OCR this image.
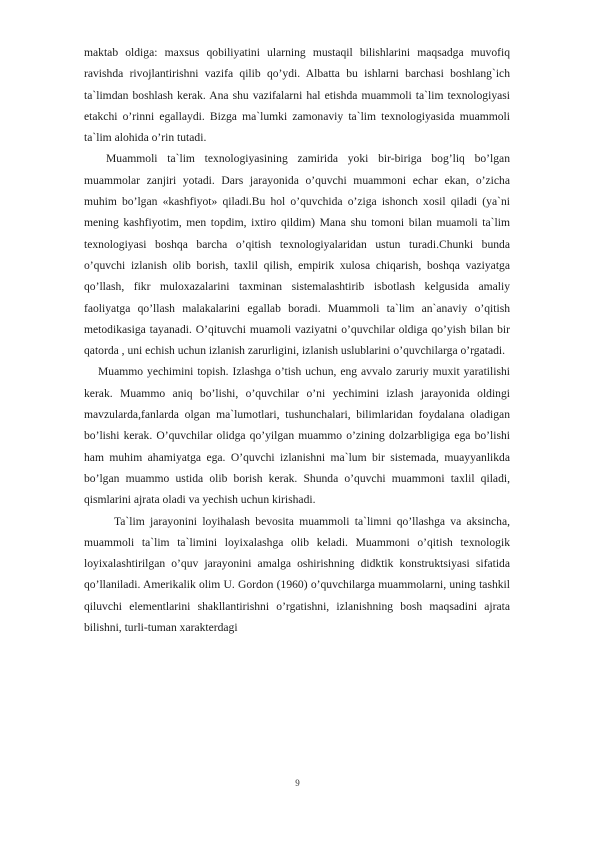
maktab oldiga: maxsus qobiliyatini ularning mustaqil bilishlarini maqsadga muvofiq ravishda rivojlantirishni vazifa qilib qo’ydi. Albatta bu ishlarni barchasi boshlang`ich ta`limdan boshlash kerak. Ana shu vazifalarni hal etishda muammoli ta`lim texnologiyasi etakchi o’rinni egallaydi. Bizga ma`lumki zamonaviy ta`lim texnologiyasida muammoli ta`lim alohida o’rin tutadi.

Muammoli ta`lim texnologiyasining zamirida yoki bir-biriga bog’liq bo’lgan muammolar zanjiri yotadi. Dars jarayonida o’quvchi muammoni echar ekan, o’zicha muhim bo’lgan «kashfiyot» qiladi.Bu hol o’quvchida o’ziga ishonch xosil qiladi (ya`ni mening kashfiyotim, men topdim, ixtiro qildim) Mana shu tomoni bilan muamoli ta`lim texnologiyasi boshqa barcha o’qitish texnologiyalaridan ustun turadi.Chunki bunda o’quvchi izlanish olib borish, taxlil qilish, empirik xulosa chiqarish, boshqa vaziyatga qo’llash, fikr muloxazalarini taxminan sistemalashtirib isbotlash kelgusida amaliy faoliyatga qo’llash malakalarini egallab boradi. Muammoli ta`lim an`anaviy o’qitish metodikasiga tayanadi. O’qituvchi muamoli vaziyatni o’quvchilar oldiga qo’yish bilan bir qatorda , uni echish uchun izlanish zarurligini, izlanish uslublarini o’quvchilarga o’rgatadi.

Muammo yechimini topish. Izlashga o’tish uchun, eng avvalo zaruriy muxit yaratilishi kerak. Muammo aniq bo’lishi, o’quvchilar o’ni yechimini izlash jarayonida oldingi mavzularda,fanlarda olgan ma`lumotlari, tushunchalari, bilimlaridan foydalana oladigan bo’lishi kerak. O’quvchilar olidga qo’yilgan muammo o’zining dolzarbligiga ega bo’lishi ham muhim ahamiyatga ega. O’quvchi izlanishni ma`lum bir sistemada, muayyanlikda bo’lgan muammo ustida olib borish kerak. Shunda o’quvchi muammoni taxlil qiladi, qismlarini ajrata oladi va yechish uchun kirishadi.

Ta`lim jarayonini loyihalash bevosita muammoli ta`limni qo’llashga va aksincha, muammoli ta`lim ta`limini loyixalashga olib keladi. Muammoni o’qitish texnologik loyixalashtirilgan o’quv jarayonini amalga oshirishning didktik konstruktsiyasi sifatida qo’llaniladi. Amerikalik olim U. Gordon (1960) o’quvchilarga muammolarni, uning tashkil qiluvchi elementlarini shakllantirishni o’rgatishni, izlanishning bosh maqsadini ajrata bilishni, turli-tuman xarakterdagi

9
